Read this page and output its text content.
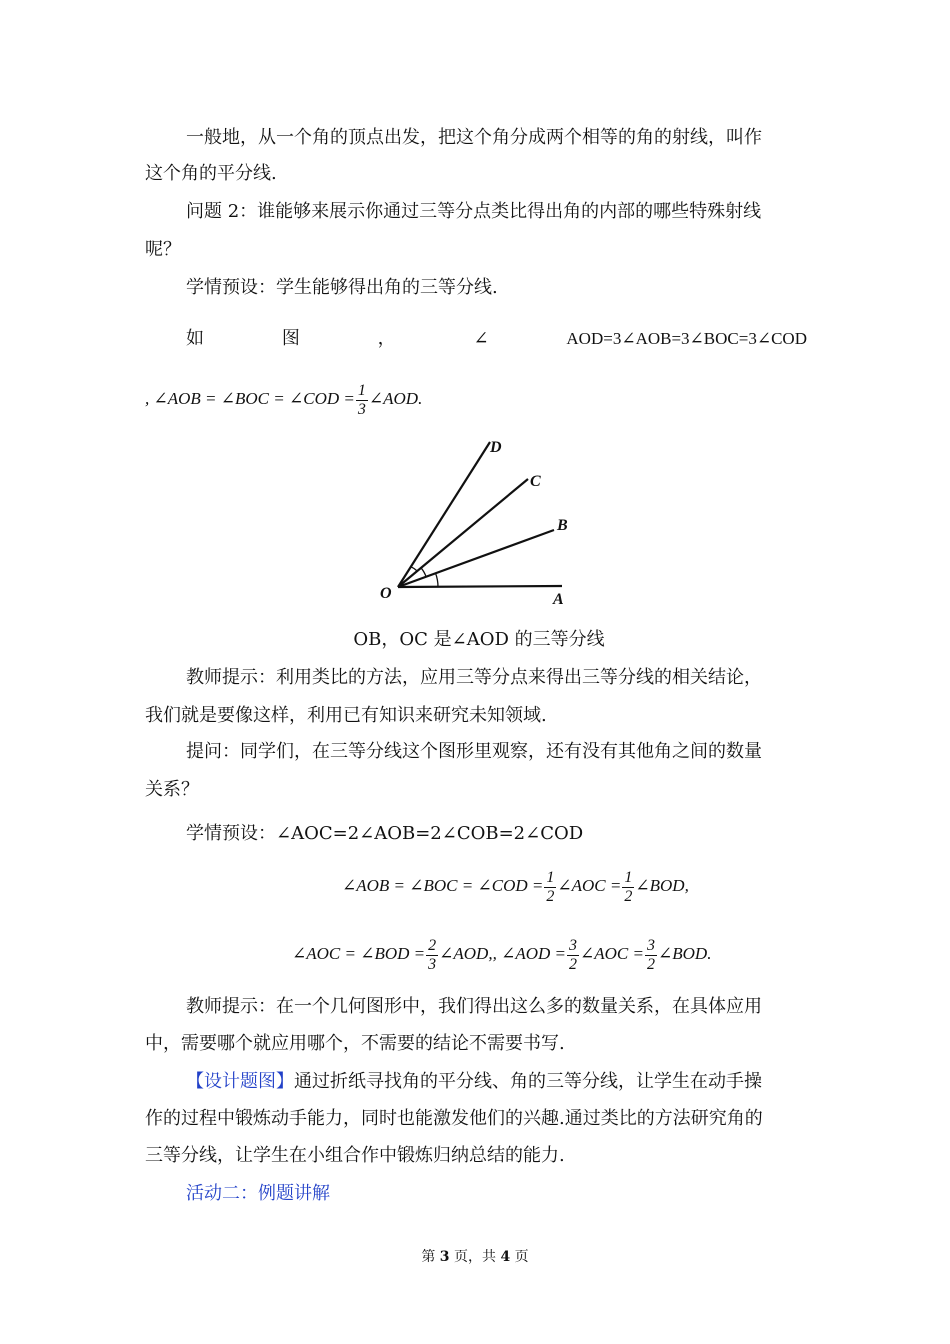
一般地，从一个角的顶点出发，把这个角分成两个相等的角的射线，叫作
这个角的平分线.
问题 2：谁能够来展示你通过三等分点类比得出角的内部的哪些特殊射线
呢？
学情预设：学生能够得出角的三等分线.
如	图	，	∠	AOD=3∠AOB=3∠BOC=3∠COD
, ∠AOB = ∠BOC = ∠COD = $\frac{1}{3}$ ∠AOD.
O	A
B
C
D
OB，OC 是∠AOD 的三等分线
教师提示：利用类比的方法，应用三等分点来得出三等分线的相关结论，
我们就是要像这样，利用已有知识来研究未知领域.
提问：同学们，在三等分线这个图形里观察，还有没有其他角之间的数量
关系？
学情预设：∠AOC=2∠AOB=2∠COB=2∠COD
∠AOB = ∠BOC = ∠COD = $\frac{1}{2}$ ∠AOC = $\frac{1}{2}$ ∠BOD,
∠AOC = ∠BOD = $\frac{2}{3}$ ∠AOD,, ∠AOD = $\frac{3}{2}$ ∠AOC = $\frac{3}{2}$ ∠BOD.
教师提示：在一个几何图形中，我们得出这么多的数量关系，在具体应用
中，需要哪个就应用哪个，不需要的结论不需要书写.
【设计题图】通过折纸寻找角的平分线、角的三等分线，让学生在动手操
作的过程中锻炼动手能力，同时也能激发他们的兴趣.通过类比的方法研究角的
三等分线，让学生在小组合作中锻炼归纳总结的能力.
活动二：例题讲解
第 3 页，共 4 页
